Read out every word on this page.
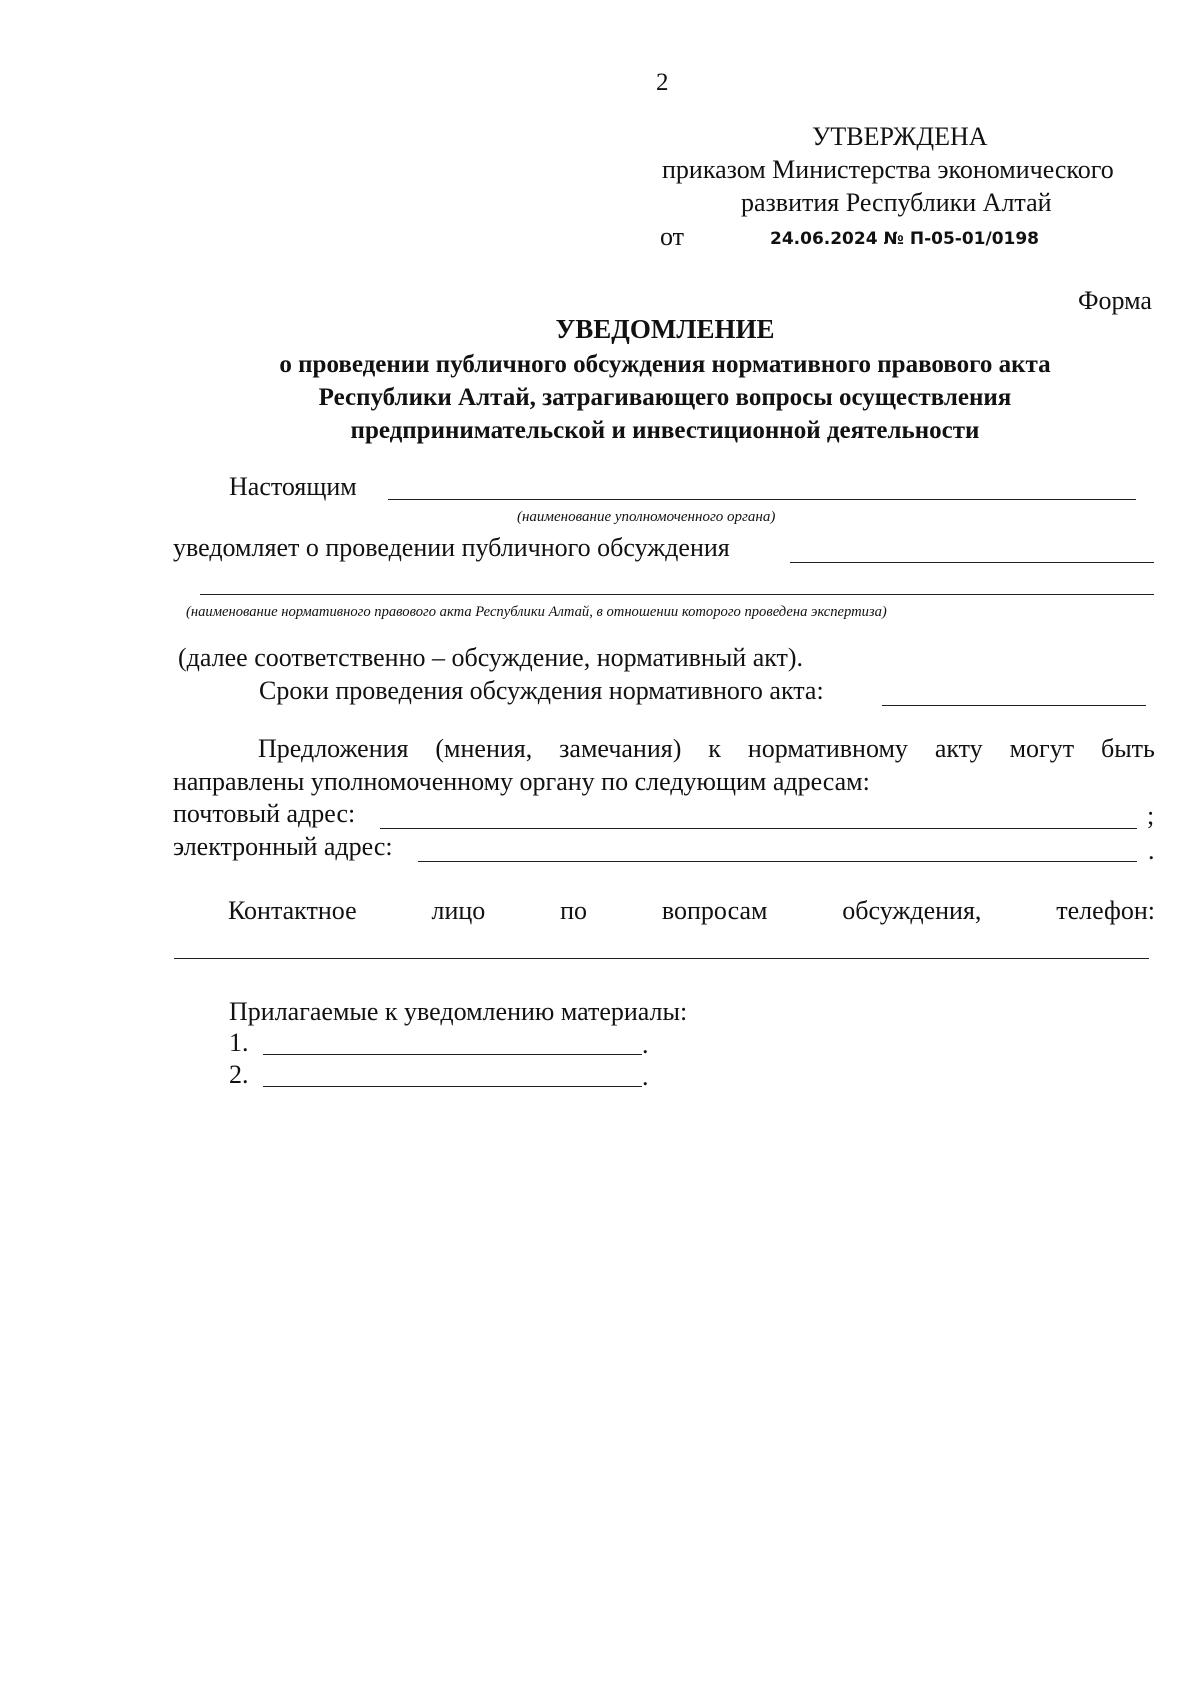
2
УТВЕРЖДЕНА
приказом Министерства экономического
развития Республики Алтай
от	24.06.2024 № П-05-01/0198
Форма
УВЕДОМЛЕНИЕ
о проведении публичного обсуждения нормативного правового акта
Республики Алтай, затрагивающего вопросы осуществления
предпринимательской и инвестиционной деятельности
Настоящим
(наименование уполномоченного органа)
уведомляет о проведении публичного обсуждения
(наименование нормативного правового акта Республики Алтай, в отношении которого проведена экспертиза)
(далее соответственно – обсуждение, нормативный акт).
Сроки проведения обсуждения нормативного акта:
Предложения (мнения, замечания) к нормативному акту могут быть
направлены уполномоченному органу по следующим адресам:
почтовый адрес:	;
электронный адрес:	.
Контактное	лицо	по	вопросам	обсуждения,	телефон:
Прилагаемые к уведомлению материалы:
1.	.
2.	.
